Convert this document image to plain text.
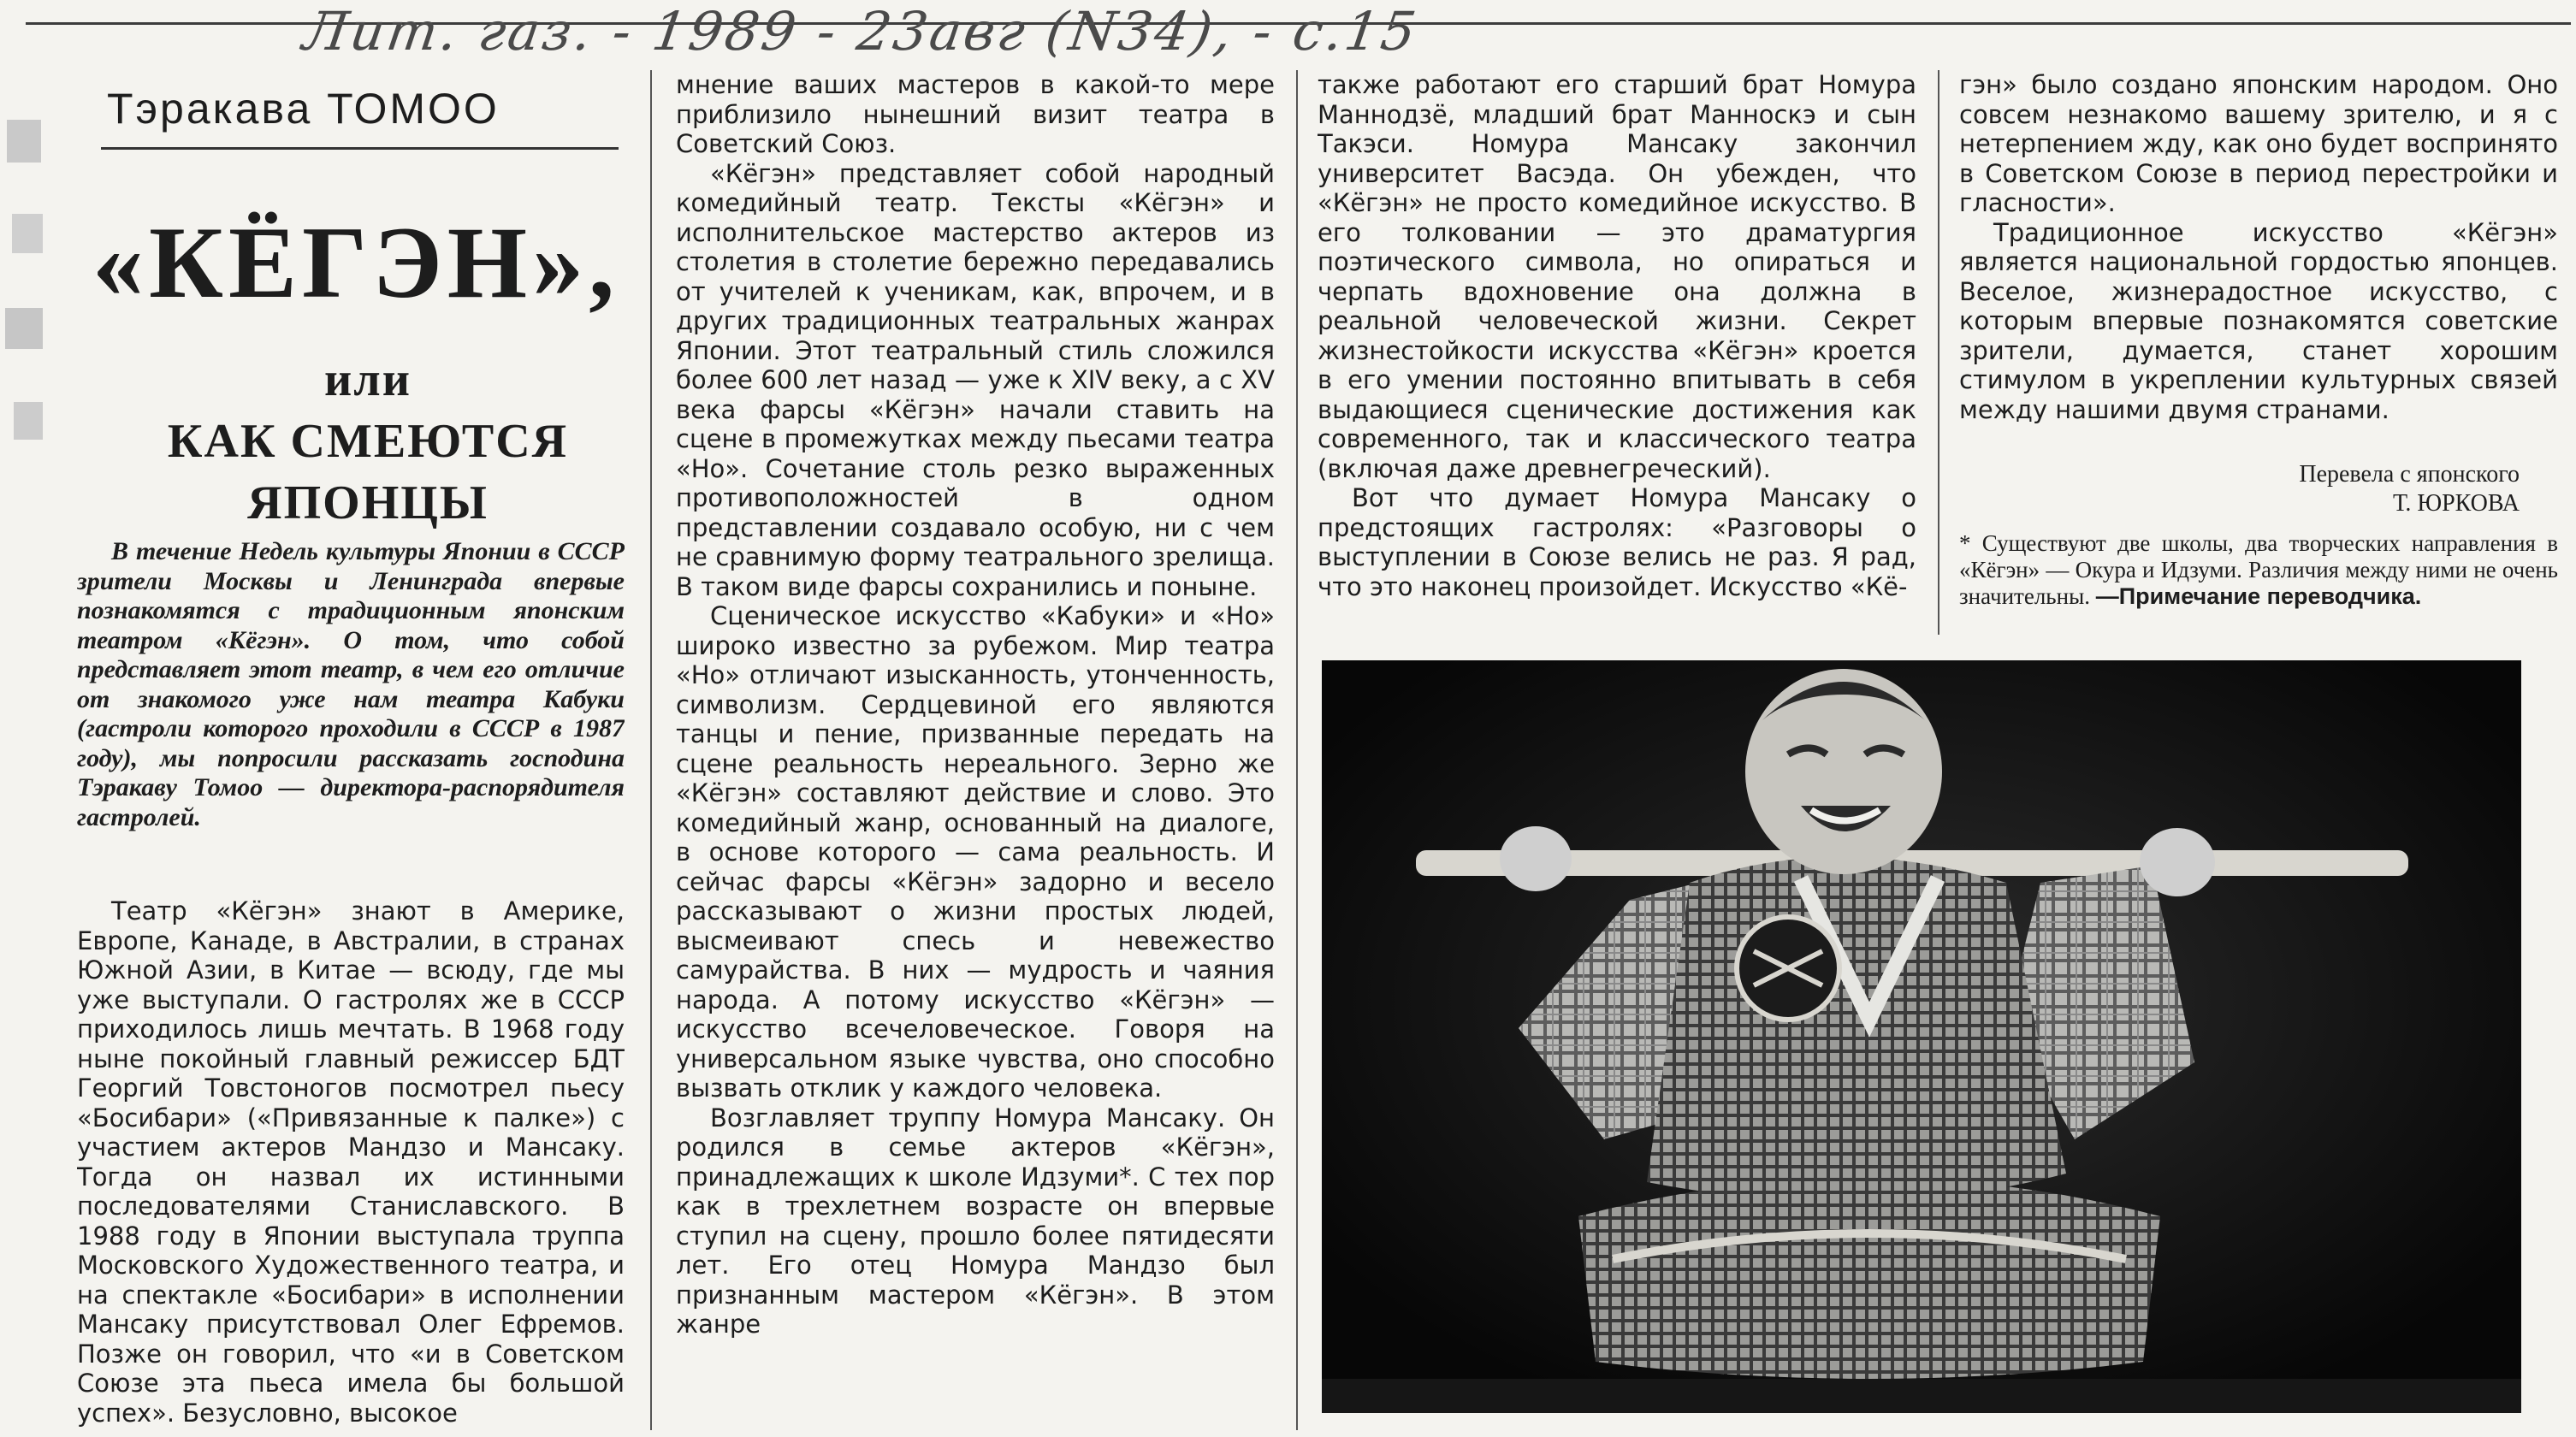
Лит. газ. - 1989 - 23авг (N34), - с.15
Тэракава ТОМОО
«КЁГЭН»,
или
КАК СМЕЮТСЯ
ЯПОНЦЫ

В течение Недель культуры Японии в СССР зрители Москвы и Ленинграда впервые познакомятся с традиционным японским театром «Кёгэн». О том, что собой представляет этот театр, в чем его отличие от знакомого уже нам театра Кабуки (гастроли которого проходили в СССР в 1987 году), мы попросили рассказать господина Тэракаву Томоо — директора-распорядителя гастролей.

Театр «Кёгэн» знают в Америке, Европе, Канаде, в Австралии, в странах Южной Азии, в Китае — всюду, где мы уже выступали. О гастролях же в СССР приходилось лишь мечтать. В 1968 году ныне покойный главный режиссер БДТ Георгий Товстоногов посмотрел пьесу «Босибари» («Привязанные к палке») с участием актеров Мандзо и Мансаку. Тогда он назвал их истинными последователями Станиславского. В 1988 году в Японии выступала труппа Московского Художественного театра, и на спектакле «Босибари» в исполнении Мансаку присутствовал Олег Ефремов. Позже он говорил, что «и в Советском Союзе эта пьеса имела бы большой успех». Безусловно, высокое

мнение ваших мастеров в какой-то мере приблизило нынешний визит театра в Советский Союз.

«Кёгэн» представляет собой народный комедийный театр. Тексты «Кёгэн» и исполнительское мастерство актеров из столетия в столетие бережно передавались от учителей к ученикам, как, впрочем, и в других традиционных театральных жанрах Японии. Этот театральный стиль сложился более 600 лет назад — уже к XIV веку, а с XV века фарсы «Кёгэн» начали ставить на сцене в промежутках между пьесами театра «Но». Сочетание столь резко выраженных противоположностей в одном представлении создавало особую, ни с чем не сравнимую форму театрального зрелища. В таком виде фарсы сохранились и поныне.

Сценическое искусство «Кабуки» и «Но» широко известно за рубежом. Мир театра «Но» отличают изысканность, утонченность, символизм. Сердцевиной его являются танцы и пение, призванные передать на сцене реальность нереального. Зерно же «Кёгэн» составляют действие и слово. Это комедийный жанр, основанный на диалоге, в основе которого — сама реальность. И сейчас фарсы «Кёгэн» задорно и весело рассказывают о жизни простых людей, высмеивают спесь и невежество самурайства. В них — мудрость и чаяния народа. А потому искусство «Кёгэн» — искусство всечеловеческое. Говоря на универсальном языке чувства, оно способно вызвать отклик у каждого человека.

Возглавляет труппу Номура Мансаку. Он родился в семье актеров «Кёгэн», принадлежащих к школе Идзуми*. С тех пор как в трехлетнем возрасте он впервые ступил на сцену, прошло более пятидесяти лет. Его отец Номура Мандзо был признанным мастером «Кёгэн». В этом жанре

также работают его старший брат Номура Маннодзё, младший брат Манноскэ и сын Такэси. Номура Мансаку закончил университет Васэда. Он убежден, что «Кёгэн» не просто комедийное искусство. В его толковании — это драматургия поэтического символа, но опираться и черпать вдохновение она должна в реальной человеческой жизни. Секрет жизнестойкости искусства «Кёгэн» кроется в его умении постоянно впитывать в себя выдающиеся сценические достижения как современного, так и классического театра (включая даже древнегреческий).

Вот что думает Номура Мансаку о предстоящих гастролях: «Разговоры о выступлении в Союзе велись не раз. Я рад, что это наконец произойдет. Искусство «Кё-

гэн» было создано японским народом. Оно совсем незнакомо вашему зрителю, и я с нетерпением жду, как оно будет воспринято в Советском Союзе в период перестройки и гласности».

Традиционное искусство «Кёгэн» является национальной гордостью японцев. Веселое, жизнерадостное искусство, с которым впервые познакомятся советские зрители, думается, станет хорошим стимулом в укреплении культурных связей между нашими двумя странами.

Перевела с японского
Т. ЮРКОВА
* Существуют две школы, два творческих направления в «Кёгэн» — Окура и Идзуми. Различия между ними не очень значительны. —Примечание переводчика.
